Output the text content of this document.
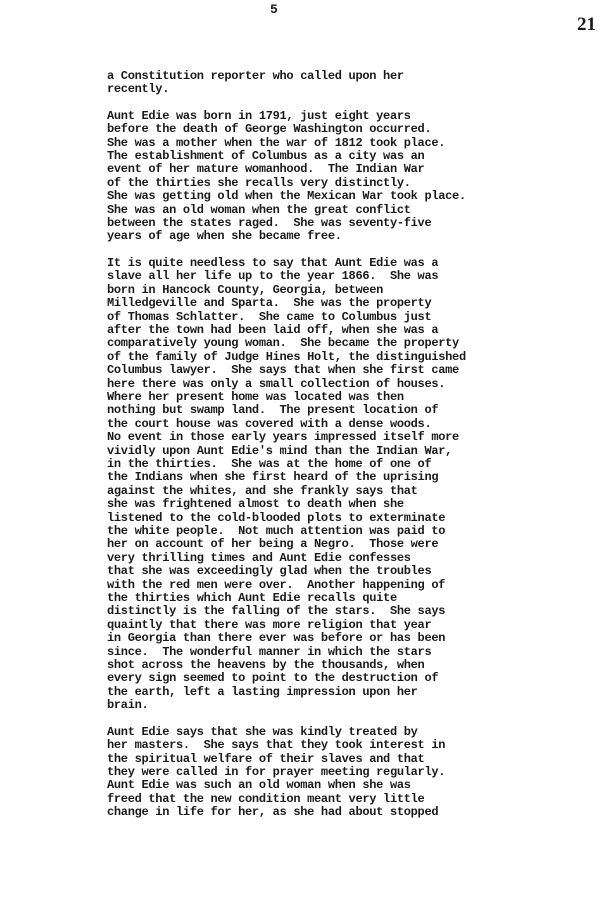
5
21
a Constitution reporter who called upon her
recently.
Aunt Edie was born in 1791, just eight years
before the death of George Washington occurred.
She was a mother when the war of 1812 took place.
The establishment of Columbus as a city was an
event of her mature womanhood.  The Indian War
of the thirties she recalls very distinctly.
She was getting old when the Mexican War took place.
She was an old woman when the great conflict
between the states raged.  She was seventy-five
years of age when she became free.
It is quite needless to say that Aunt Edie was a
slave all her life up to the year 1866.  She was
born in Hancock County, Georgia, between
Milledgeville and Sparta.  She was the property
of Thomas Schlatter.  She came to Columbus just
after the town had been laid off, when she was a
comparatively young woman.  She became the property
of the family of Judge Hines Holt, the distinguished
Columbus lawyer.  She says that when she first came
here there was only a small collection of houses.
Where her present home was located was then
nothing but swamp land.  The present location of
the court house was covered with a dense woods.
No event in those early years impressed itself more
vividly upon Aunt Edie's mind than the Indian War,
in the thirties.  She was at the home of one of
the Indians when she first heard of the uprising
against the whites, and she frankly says that
she was frightened almost to death when she
listened to the cold-blooded plots to exterminate
the white people.  Not much attention was paid to
her on account of her being a Negro.  Those were
very thrilling times and Aunt Edie confesses
that she was exceedingly glad when the troubles
with the red men were over.  Another happening of
the thirties which Aunt Edie recalls quite
distinctly is the falling of the stars.  She says
quaintly that there was more religion that year
in Georgia than there ever was before or has been
since.  The wonderful manner in which the stars
shot across the heavens by the thousands, when
every sign seemed to point to the destruction of
the earth, left a lasting impression upon her
brain.
Aunt Edie says that she was kindly treated by
her masters.  She says that they took interest in
the spiritual welfare of their slaves and that
they were called in for prayer meeting regularly.
Aunt Edie was such an old woman when she was
freed that the new condition meant very little
change in life for her, as she had about stopped
